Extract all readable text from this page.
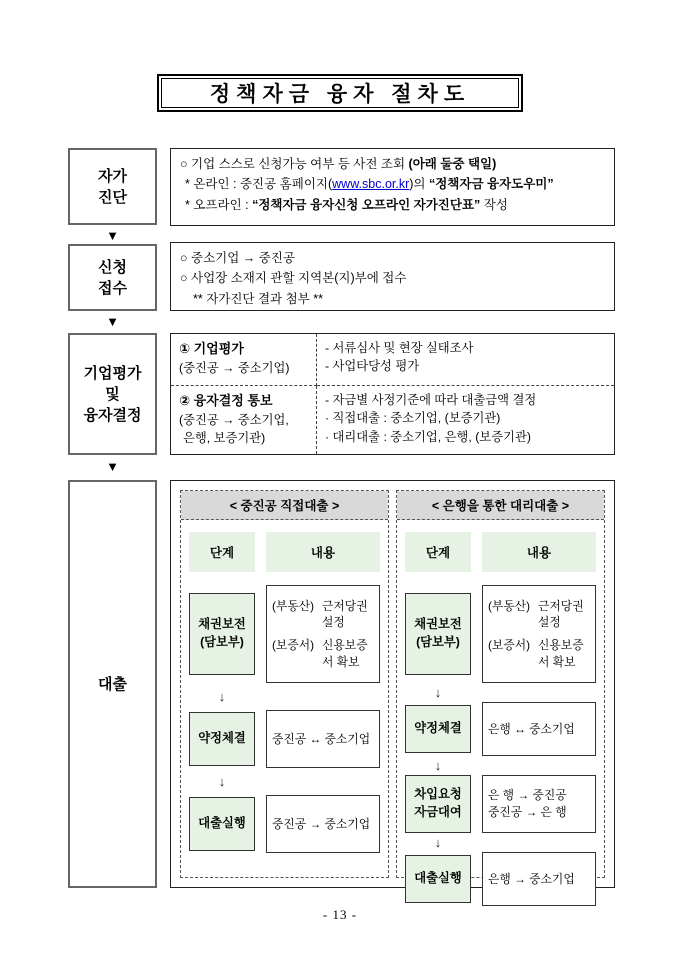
정책자금 융자 절차도
자가
진단
○ 기업 스스로 신청가능 여부 등 사전 조회 (아래 둘중 택일)
* 온라인 : 중진공 홈페이지(www.sbc.or.kr)의 “정책자금 융자도우미”
* 오프라인 : “정책자금 융자신청 오프라인 자가진단표” 작성
▼
신청
접수
○ 중소기업 → 중진공
○ 사업장 소재지 관할 지역본(지)부에 접수
** 자가진단 결과 첨부 **
▼
기업평가
및
융자결정
① 기업평가
(중진공 → 중소기업)
- 서류심사 및 현장 실태조사
- 사업타당성 평가
② 융자결정 통보
(중진공 → 중소기업,
은행, 보증기관)
- 자금별 사정기준에 따라 대출금액 결정
· 직접대출 : 중소기업, (보증기관)
· 대리대출 : 중소기업, 은행, (보증기관)
▼
대출
< 중진공 직접대출 >
단계	내용
채권보전
(담보부)
(부동산) 근저당권 설정
(보증서) 신용보증서 확보
↓
약정체결	중진공 ↔ 중소기업
↓
대출실행	중진공 → 중소기업
< 은행을 통한 대리대출 >
단계	내용
채권보전
(담보부)
(부동산) 근저당권 설정
(보증서) 신용보증서 확보
↓
약정체결	은행 ↔ 중소기업
↓
차입요청
자금대여
은 행 → 중진공
중진공 → 은 행
↓
대출실행	은행 → 중소기업
- 13 -
